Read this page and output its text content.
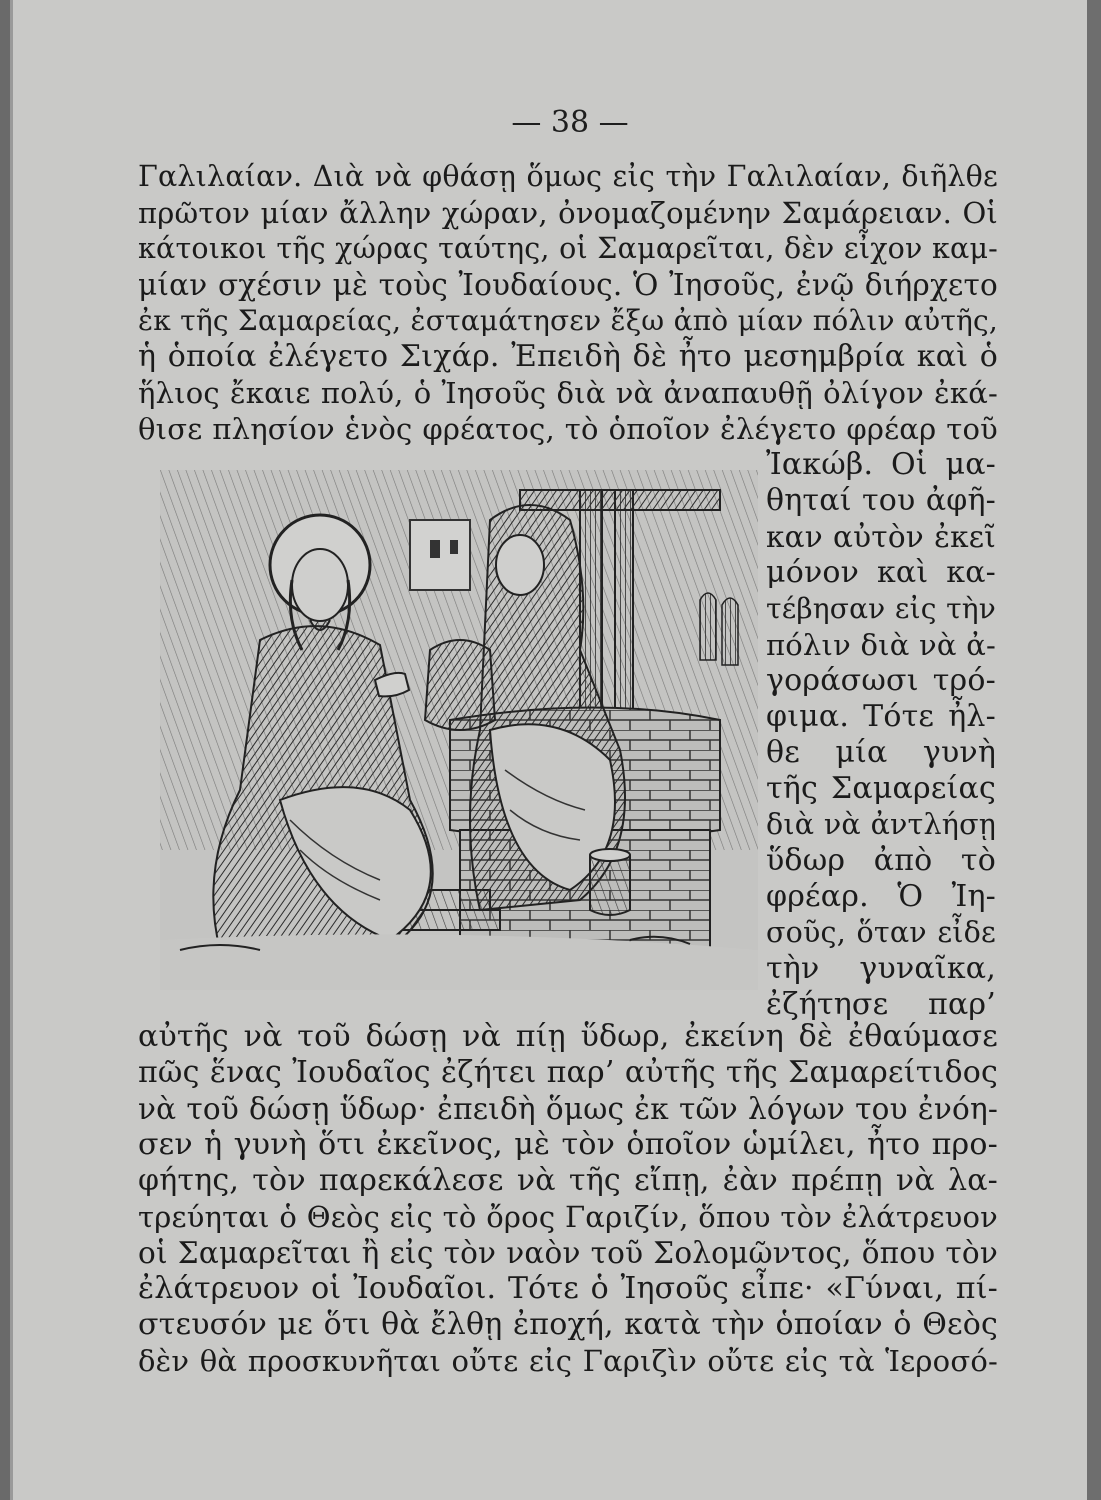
— 38 —

Γαλιλαίαν. Διὰ νὰ φθάσῃ ὅμως εἰς τὴν Γαλιλαίαν, διῆλθε

πρῶτον μίαν ἄλλην χώραν, ὀνομαζομένην Σαμάρειαν. Οἱ

κάτοικοι τῆς χώρας ταύτης, οἱ Σαμαρεῖται, δὲν εἶχον καμ-

μίαν σχέσιν μὲ τοὺς Ἰουδαίους. Ὁ Ἰησοῦς, ἐνῷ διήρχετο

ἐκ τῆς Σαμαρείας, ἐσταμάτησεν ἔξω ἀπὸ μίαν πόλιν αὐτῆς,

ἡ ὁποία ἐλέγετο Σιχάρ. Ἐπειδὴ δὲ ἦτο μεσημβρία καὶ ὁ

ἥλιος ἔκαιε πολύ, ὁ Ἰησοῦς διὰ νὰ ἀναπαυθῇ ὀλίγον ἐκά-

θισε πλησίον ἑνὸς φρέατος, τὸ ὁποῖον ἐλέγετο φρέαρ τοῦ

Ἰακώβ. Οἱ μα-

θηταί του ἀφῆ-

καν αὐτὸν ἐκεῖ

μόνον καὶ κα-

τέβησαν εἰς τὴν

πόλιν διὰ νὰ ἀ-

γοράσωσι τρό-

φιμα. Τότε ἦλ-

θε μία γυνὴ

τῆς Σαμαρείας

διὰ νὰ ἀντλήσῃ

ὕδωρ ἀπὸ τὸ

φρέαρ. Ὁ Ἰη-

σοῦς, ὅταν εἶδε

τὴν γυναῖκα,

ἐζήτησε παρ’

αὐτῆς νὰ τοῦ δώσῃ νὰ πίῃ ὕδωρ, ἐκείνη δὲ ἐθαύμασε

πῶς ἕνας Ἰουδαῖος ἐζήτει παρ’ αὐτῆς τῆς Σαμαρείτιδος

νὰ τοῦ δώσῃ ὕδωρ· ἐπειδὴ ὅμως ἐκ τῶν λόγων του ἐνόη-

σεν ἡ γυνὴ ὅτι ἐκεῖνος, μὲ τὸν ὁποῖον ὡμίλει, ἦτο προ-

φήτης, τὸν παρεκάλεσε νὰ τῆς εἴπῃ, ἐὰν πρέπῃ νὰ λα-

τρεύηται ὁ Θεὸς εἰς τὸ ὄρος Γαριζίν, ὅπου τὸν ἐλάτρευον

οἱ Σαμαρεῖται ἢ εἰς τὸν ναὸν τοῦ Σολομῶντος, ὅπου τὸν

ἐλάτρευον οἱ Ἰουδαῖοι. Τότε ὁ Ἰησοῦς εἶπε· «Γύναι, πί-

στευσόν με ὅτι θὰ ἔλθῃ ἐποχή, κατὰ τὴν ὁποίαν ὁ Θεὸς

δὲν θὰ προσκυνῆται οὔτε εἰς Γαριζὶν οὔτε εἰς τὰ Ἱεροσό-
